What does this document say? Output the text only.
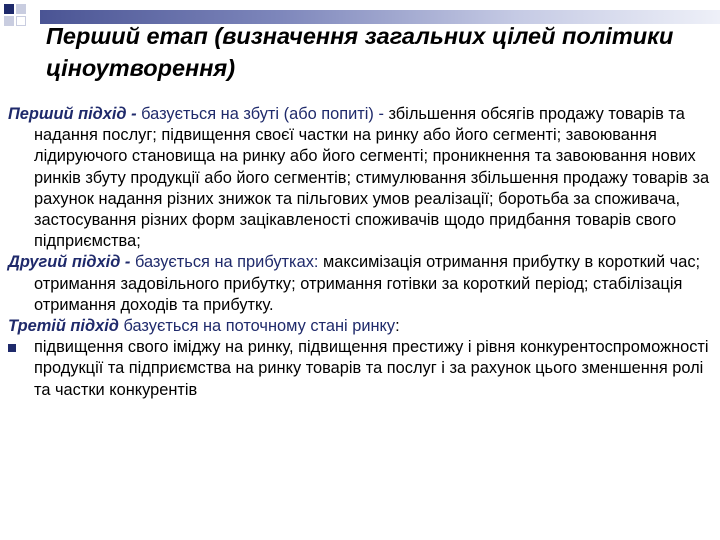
Перший етап (визначення загальних цілей політики ціноутворення)

Перший підхід - базується на збуті (або попиті) - збільшення обсягів продажу товарів та надання послуг; підвищення своєї частки на ринку або його сегменті; завоювання лідируючого становища на ринку або його сегменті; проникнення та завоювання нових ринків збуту продукції або його сегментів; стимулювання збільшення продажу товарів за рахунок надання різних знижок та пільгових умов реалізації; боротьба за споживача, застосування різних форм зацікавленості споживачів щодо придбання товарів свого підприємства;

Другий підхід - базується на прибутках: максимізація отримання прибутку в короткий час; отримання задовільного прибутку; отримання готівки за короткий період; стабілізація отримання доходів та прибутку.

Третій підхід базується на поточному стані ринку:

підвищення свого іміджу на ринку, підвищення престижу і рівня конкурентоспроможності продукції та підприємства на ринку товарів та послуг і за рахунок цього зменшення ролі та частки конкурентів
